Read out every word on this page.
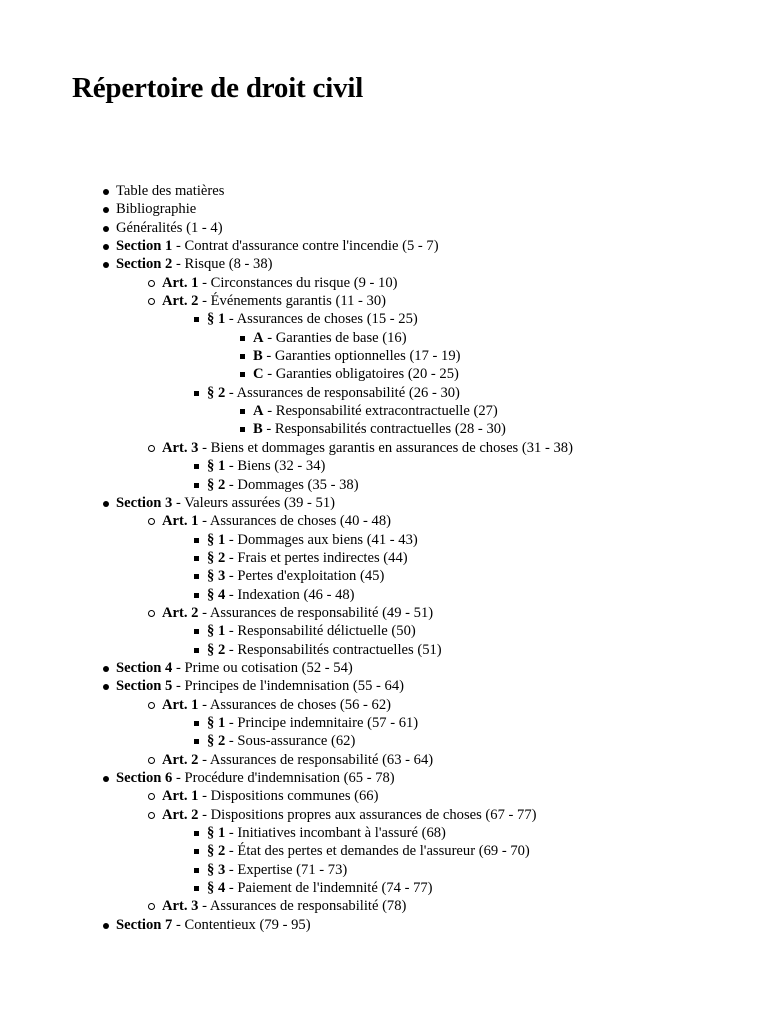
Répertoire de droit civil
Table des matières
Bibliographie
Généralités (1 - 4)
Section 1 - Contrat d'assurance contre l'incendie (5 - 7)
Section 2 - Risque (8 - 38)
Art. 1 - Circonstances du risque (9 - 10)
Art. 2 - Événements garantis (11 - 30)
§ 1 - Assurances de choses (15 - 25)
A - Garanties de base (16)
B - Garanties optionnelles (17 - 19)
C - Garanties obligatoires (20 - 25)
§ 2 - Assurances de responsabilité (26 - 30)
A - Responsabilité extracontractuelle (27)
B - Responsabilités contractuelles (28 - 30)
Art. 3 - Biens et dommages garantis en assurances de choses (31 - 38)
§ 1 - Biens (32 - 34)
§ 2 - Dommages (35 - 38)
Section 3 - Valeurs assurées (39 - 51)
Art. 1 - Assurances de choses (40 - 48)
§ 1 - Dommages aux biens (41 - 43)
§ 2 - Frais et pertes indirectes (44)
§ 3 - Pertes d'exploitation (45)
§ 4 - Indexation (46 - 48)
Art. 2 - Assurances de responsabilité (49 - 51)
§ 1 - Responsabilité délictuelle (50)
§ 2 - Responsabilités contractuelles (51)
Section 4 - Prime ou cotisation (52 - 54)
Section 5 - Principes de l'indemnisation (55 - 64)
Art. 1 - Assurances de choses (56 - 62)
§ 1 - Principe indemnitaire (57 - 61)
§ 2 - Sous-assurance (62)
Art. 2 - Assurances de responsabilité (63 - 64)
Section 6 - Procédure d'indemnisation (65 - 78)
Art. 1 - Dispositions communes (66)
Art. 2 - Dispositions propres aux assurances de choses (67 - 77)
§ 1 - Initiatives incombant à l'assuré (68)
§ 2 - État des pertes et demandes de l'assureur (69 - 70)
§ 3 - Expertise (71 - 73)
§ 4 - Paiement de l'indemnité (74 - 77)
Art. 3 - Assurances de responsabilité (78)
Section 7 - Contentieux (79 - 95)
